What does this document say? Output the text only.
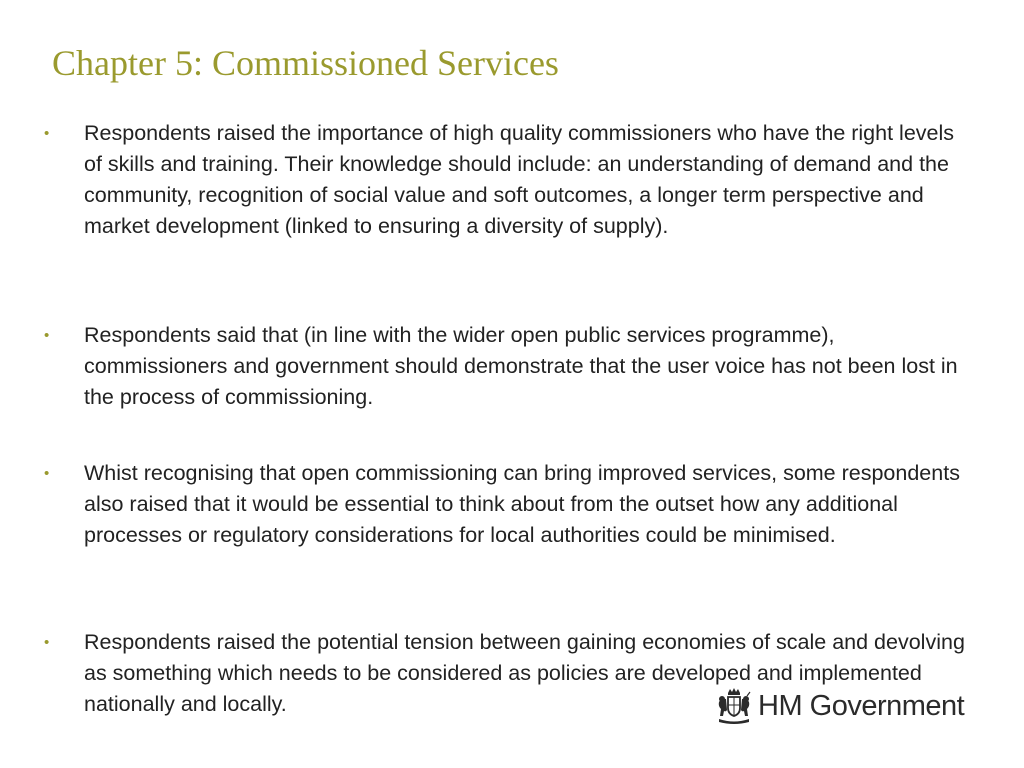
Chapter 5: Commissioned Services
• Respondents raised the importance of high quality commissioners who have the right levels of skills and training. Their knowledge should include: an understanding of demand and the community, recognition of social value and soft outcomes, a longer term perspective and market development (linked to ensuring a diversity of supply).
• Respondents said that (in line with the wider open public services programme), commissioners and government should demonstrate that the user voice has not been lost in the process of commissioning.
• Whist recognising that open commissioning can bring improved services, some respondents also raised that it would be essential to think about from the outset how any additional processes or regulatory considerations for local authorities could be minimised.
• Respondents raised the potential tension between gaining economies of scale and devolving as something which needs to be considered as policies are developed and implemented nationally and locally.	HM Government
